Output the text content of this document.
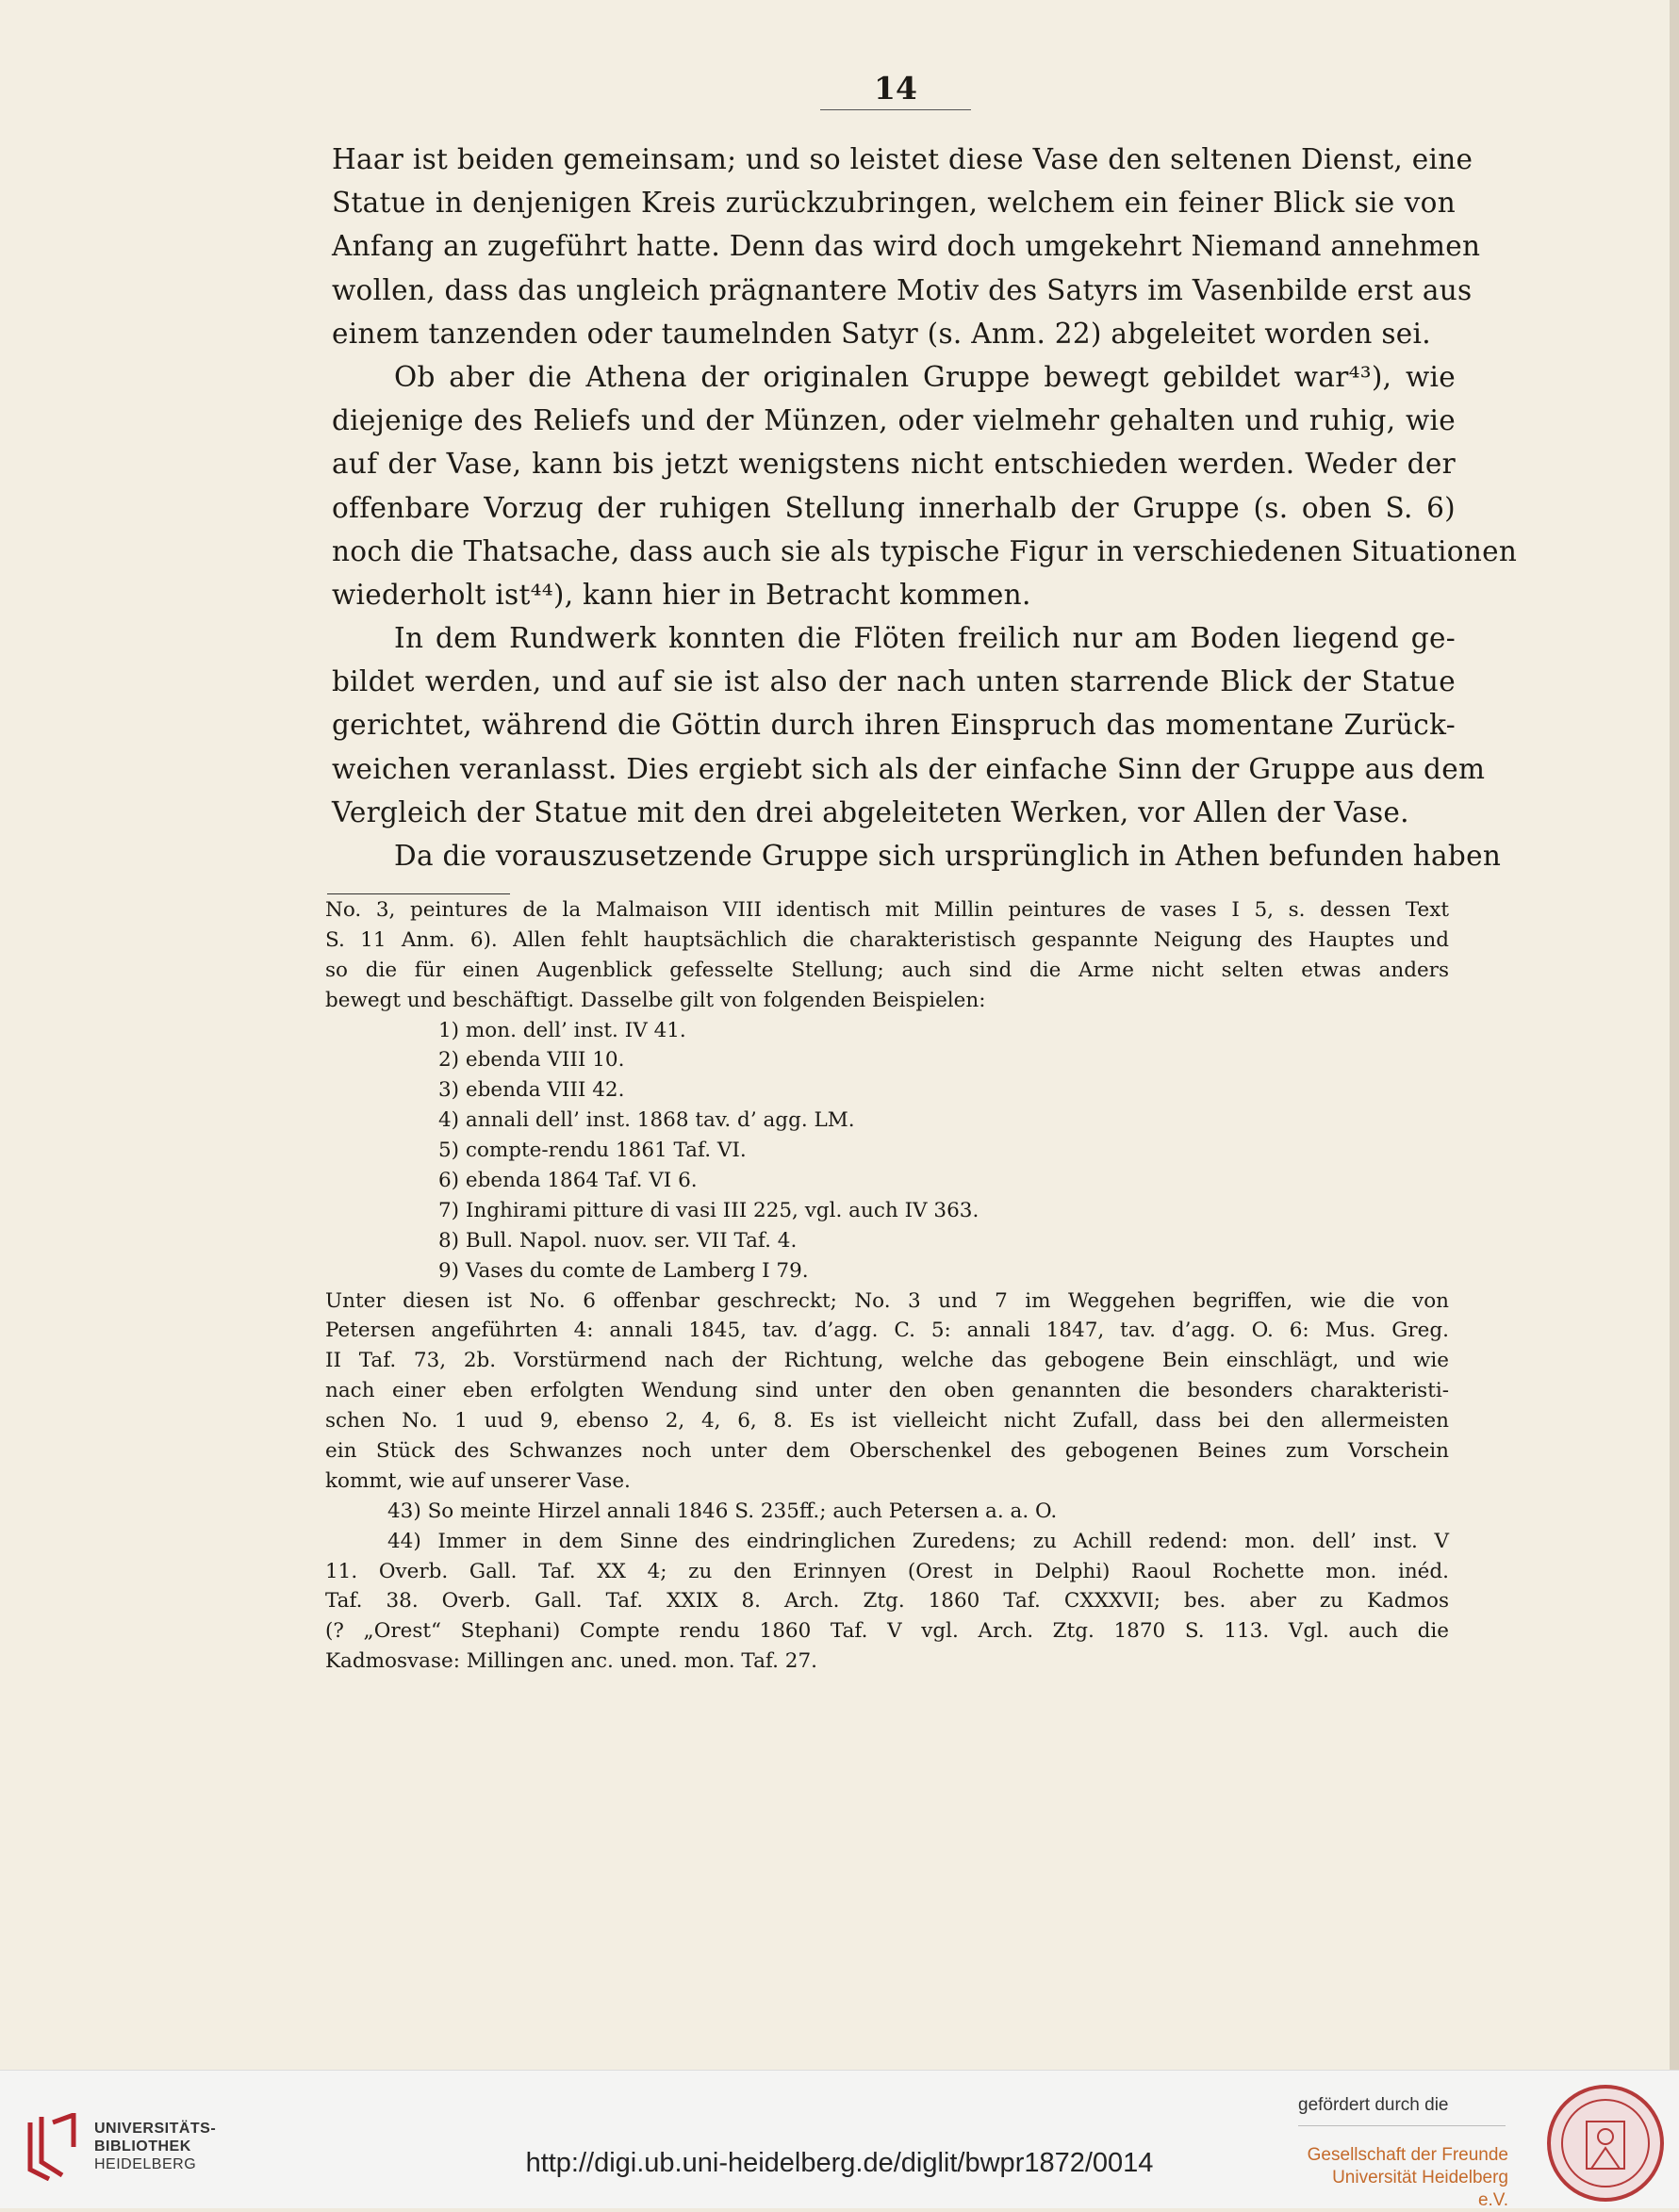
14
Haar ist beiden gemeinsam; und so leistet diese Vase den seltenen Dienst, eine
Statue in denjenigen Kreis zurückzubringen, welchem ein feiner Blick sie von
Anfang an zugeführt hatte. Denn das wird doch umgekehrt Niemand annehmen
wollen, dass das ungleich prägnantere Motiv des Satyrs im Vasenbilde erst aus
einem tanzenden oder taumelnden Satyr (s. Anm. 22) abgeleitet worden sei.
Ob aber die Athena der originalen Gruppe bewegt gebildet war⁴³), wie
diejenige des Reliefs und der Münzen, oder vielmehr gehalten und ruhig, wie
auf der Vase, kann bis jetzt wenigstens nicht entschieden werden. Weder der
offenbare Vorzug der ruhigen Stellung innerhalb der Gruppe (s. oben S. 6)
noch die Thatsache, dass auch sie als typische Figur in verschiedenen Situationen
wiederholt ist⁴⁴), kann hier in Betracht kommen.
In dem Rundwerk konnten die Flöten freilich nur am Boden liegend ge-
bildet werden, und auf sie ist also der nach unten starrende Blick der Statue
gerichtet, während die Göttin durch ihren Einspruch das momentane Zurück-
weichen veranlasst. Dies ergiebt sich als der einfache Sinn der Gruppe aus dem
Vergleich der Statue mit den drei abgeleiteten Werken, vor Allen der Vase.
Da die vorauszusetzende Gruppe sich ursprünglich in Athen befunden haben
No. 3, peintures de la Malmaison VIII identisch mit Millin peintures de vases I 5, s. dessen Text
S. 11 Anm. 6). Allen fehlt hauptsächlich die charakteristisch gespannte Neigung des Hauptes und
so die für einen Augenblick gefesselte Stellung; auch sind die Arme nicht selten etwas anders
bewegt und beschäftigt. Dasselbe gilt von folgenden Beispielen:
1) mon. dell’ inst. IV 41.
2) ebenda VIII 10.
3) ebenda VIII 42.
4) annali dell’ inst. 1868 tav. d’ agg. LM.
5) compte-rendu 1861 Taf. VI.
6) ebenda 1864 Taf. VI 6.
7) Inghirami pitture di vasi III 225, vgl. auch IV 363.
8) Bull. Napol. nuov. ser. VII Taf. 4.
9) Vases du comte de Lamberg I 79.
Unter diesen ist No. 6 offenbar geschreckt; No. 3 und 7 im Weggehen begriffen, wie die von
Petersen angeführten 4: annali 1845, tav. d’agg. C. 5: annali 1847, tav. d’agg. O. 6: Mus. Greg.
II Taf. 73, 2b. Vorstürmend nach der Richtung, welche das gebogene Bein einschlägt, und wie
nach einer eben erfolgten Wendung sind unter den oben genannten die besonders charakteristi-
schen No. 1 uud 9, ebenso 2, 4, 6, 8. Es ist vielleicht nicht Zufall, dass bei den allermeisten
ein Stück des Schwanzes noch unter dem Oberschenkel des gebogenen Beines zum Vorschein
kommt, wie auf unserer Vase.
43) So meinte Hirzel annali 1846 S. 235ff.; auch Petersen a. a. O.
44) Immer in dem Sinne des eindringlichen Zuredens; zu Achill redend: mon. dell’ inst. V
11. Overb. Gall. Taf. XX 4; zu den Erinnyen (Orest in Delphi) Raoul Rochette mon. inéd.
Taf. 38. Overb. Gall. Taf. XXIX 8. Arch. Ztg. 1860 Taf. CXXXVII; bes. aber zu Kadmos
(? „Orest“ Stephani) Compte rendu 1860 Taf. V vgl. Arch. Ztg. 1870 S. 113. Vgl. auch die
Kadmosvase: Millingen anc. uned. mon. Taf. 27.
UNIVERSITÄTS-
BIBLIOTHEK
HEIDELBERG	http://digi.ub.uni-heidelberg.de/diglit/bwpr1872/0014
gefördert durch die
Gesellschaft der Freunde
Universität Heidelberg e.V.
